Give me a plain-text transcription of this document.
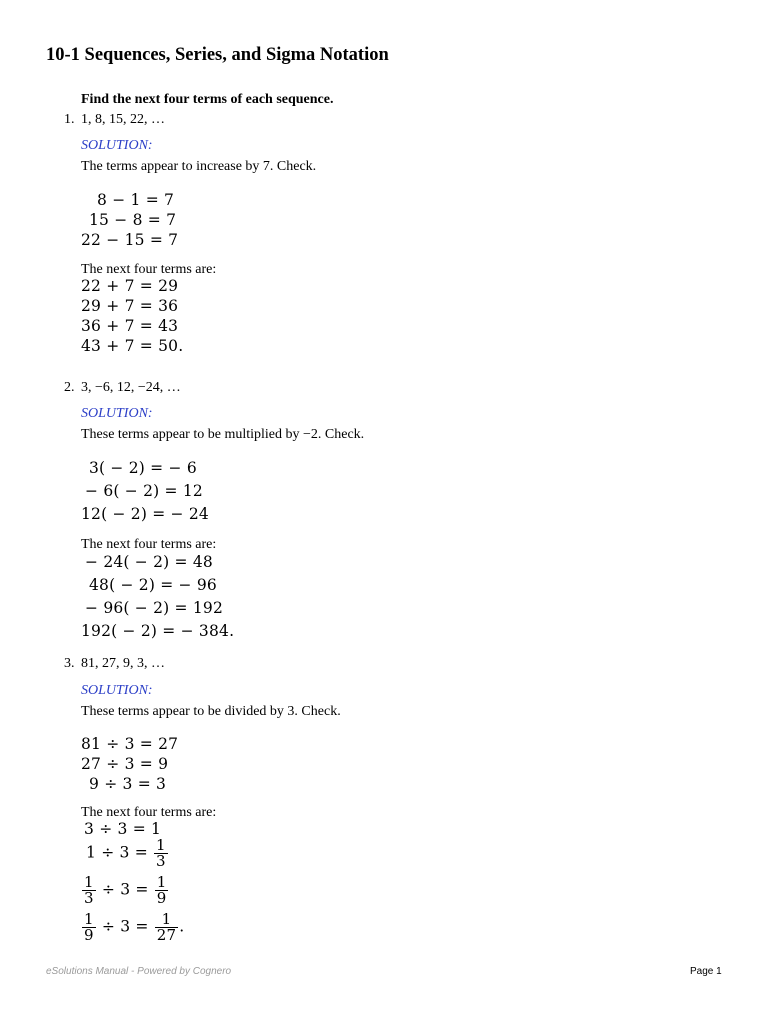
10-1 Sequences, Series, and Sigma Notation
Find the next four terms of each sequence.
1. 1, 8, 15, 22, …
SOLUTION:
The terms appear to increase by 7. Check.
8 − 1 = 7
15 − 8 = 7
22 − 15 = 7
The next four terms are:
22 + 7 = 29
29 + 7 = 36
36 + 7 = 43
43 + 7 = 50.
2. 3, −6, 12, −24, …
SOLUTION:
These terms appear to be multiplied by −2. Check.
3( − 2) = − 6
− 6( − 2) = 12
12( − 2) = − 24
The next four terms are:
− 24( − 2) = 48
48( − 2) = − 96
− 96( − 2) = 192
192( − 2) = − 384.
3. 81, 27, 9, 3, …
SOLUTION:
These terms appear to be divided by 3. Check.
81 ÷ 3 = 27
27 ÷ 3 = 9
9 ÷ 3 = 3
The next four terms are:
3 ÷ 3 = 1
$1 \div 3 = \frac{1}{3}$
$\frac{1}{3} \div 3 = \frac{1}{9}$
$\frac{1}{9} \div 3 = \frac{1}{27}$ .
eSolutions Manual - Powered by Cognero	Page 1
